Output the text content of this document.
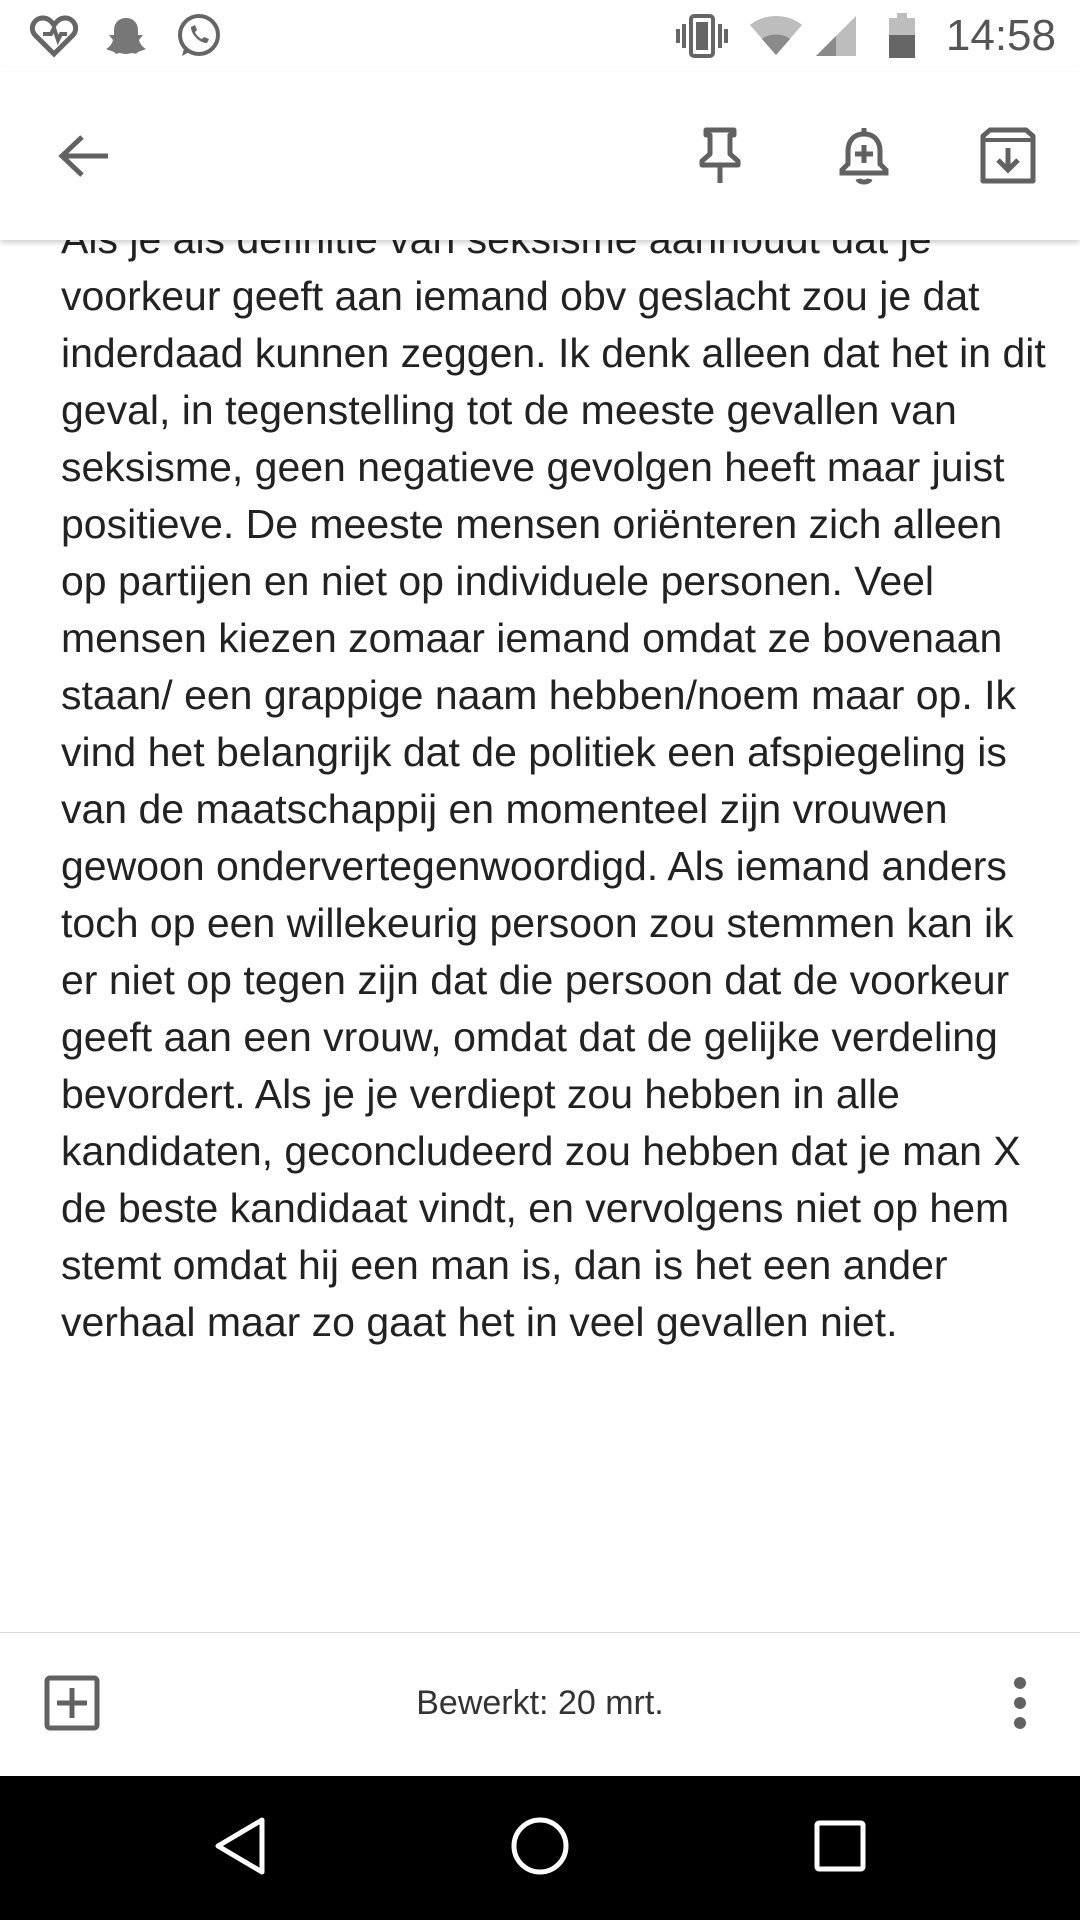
14:58

voorkeur geeft aan iemand obv geslacht zou je dat inderdaad kunnen zeggen. Ik denk alleen dat het in dit geval, in tegenstelling tot de meeste gevallen van seksisme, geen negatieve gevolgen heeft maar juist positieve. De meeste mensen oriënteren zich alleen op partijen en niet op individuele personen. Veel mensen kiezen zomaar iemand omdat ze bovenaan staan/ een grappige naam hebben/noem maar op. Ik vind het belangrijk dat de politiek een afspiegeling is van de maatschappij en momenteel zijn vrouwen gewoon ondervertegenwoordigd. Als iemand anders toch op een willekeurig persoon zou stemmen kan ik er niet op tegen zijn dat die persoon dat de voorkeur geeft aan een vrouw, omdat dat de gelijke verdeling bevordert. Als je je verdiept zou hebben in alle kandidaten, geconcludeerd zou hebben dat je man X de beste kandidaat vindt, en vervolgens niet op hem stemt omdat hij een man is, dan is het een ander verhaal maar zo gaat het in veel gevallen niet.

Bewerkt: 20 mrt.
